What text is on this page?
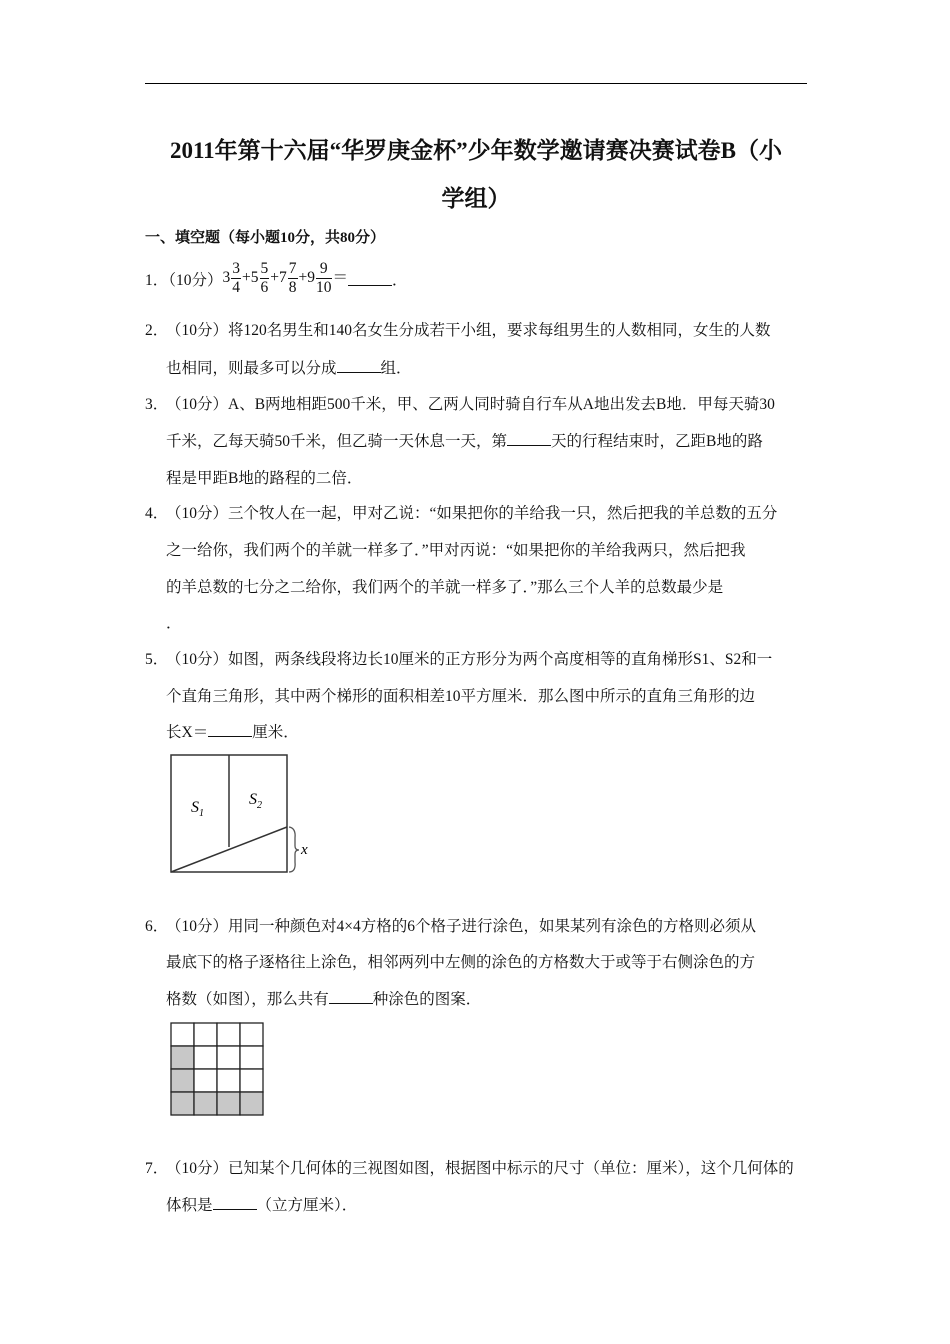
2011年第十六届“华罗庚金杯”少年数学邀请赛决赛试卷B（小
学组）
一、填空题（每小题10分，共80分）
1．（10分） $3 \frac{3}{4} + 5 \frac{5}{6} + 7 \frac{7}{8} + 9 \frac{9}{10}$ ＝	．
2．
（10分）将120名男生和140名女生分成若干小组，要求每组男生的人数相同，女生的人数
也相同，则最多可以分成	组．
3．
（10分）A、B两地相距500千米，甲、乙两人同时骑自行车从A地出发去B地．甲每天骑30
千米，乙每天骑50千米，但乙骑一天休息一天，第	天的行程结束时，乙距B地的路
程是甲距B地的路程的二倍．
4．
（10分）三个牧人在一起，甲对乙说：“如果把你的羊给我一只，然后把我的羊总数的五分
之一给你，我们两个的羊就一样多了．”甲对丙说：“如果把你的羊给我两只，然后把我
的羊总数的七分之二给你，我们两个的羊就一样多了．”那么三个人羊的总数最少是
．
5．
（10分）如图，两条线段将边长10厘米的正方形分为两个高度相等的直角梯形S1、S2和一
个直角三角形，其中两个梯形的面积相差10平方厘米．那么图中所示的直角三角形的边
长X＝	厘米．
$S_1$
$S_2$
x
6．
（10分）用同一种颜色对4×4方格的6个格子进行涂色，如果某列有涂色的方格则必须从
最底下的格子逐格往上涂色，相邻两列中左侧的涂色的方格数大于或等于右侧涂色的方
格数（如图），那么共有	种涂色的图案．
7．
（10分）已知某个几何体的三视图如图，根据图中标示的尺寸（单位：厘米），这个几何体的
体积是	（立方厘米）．
